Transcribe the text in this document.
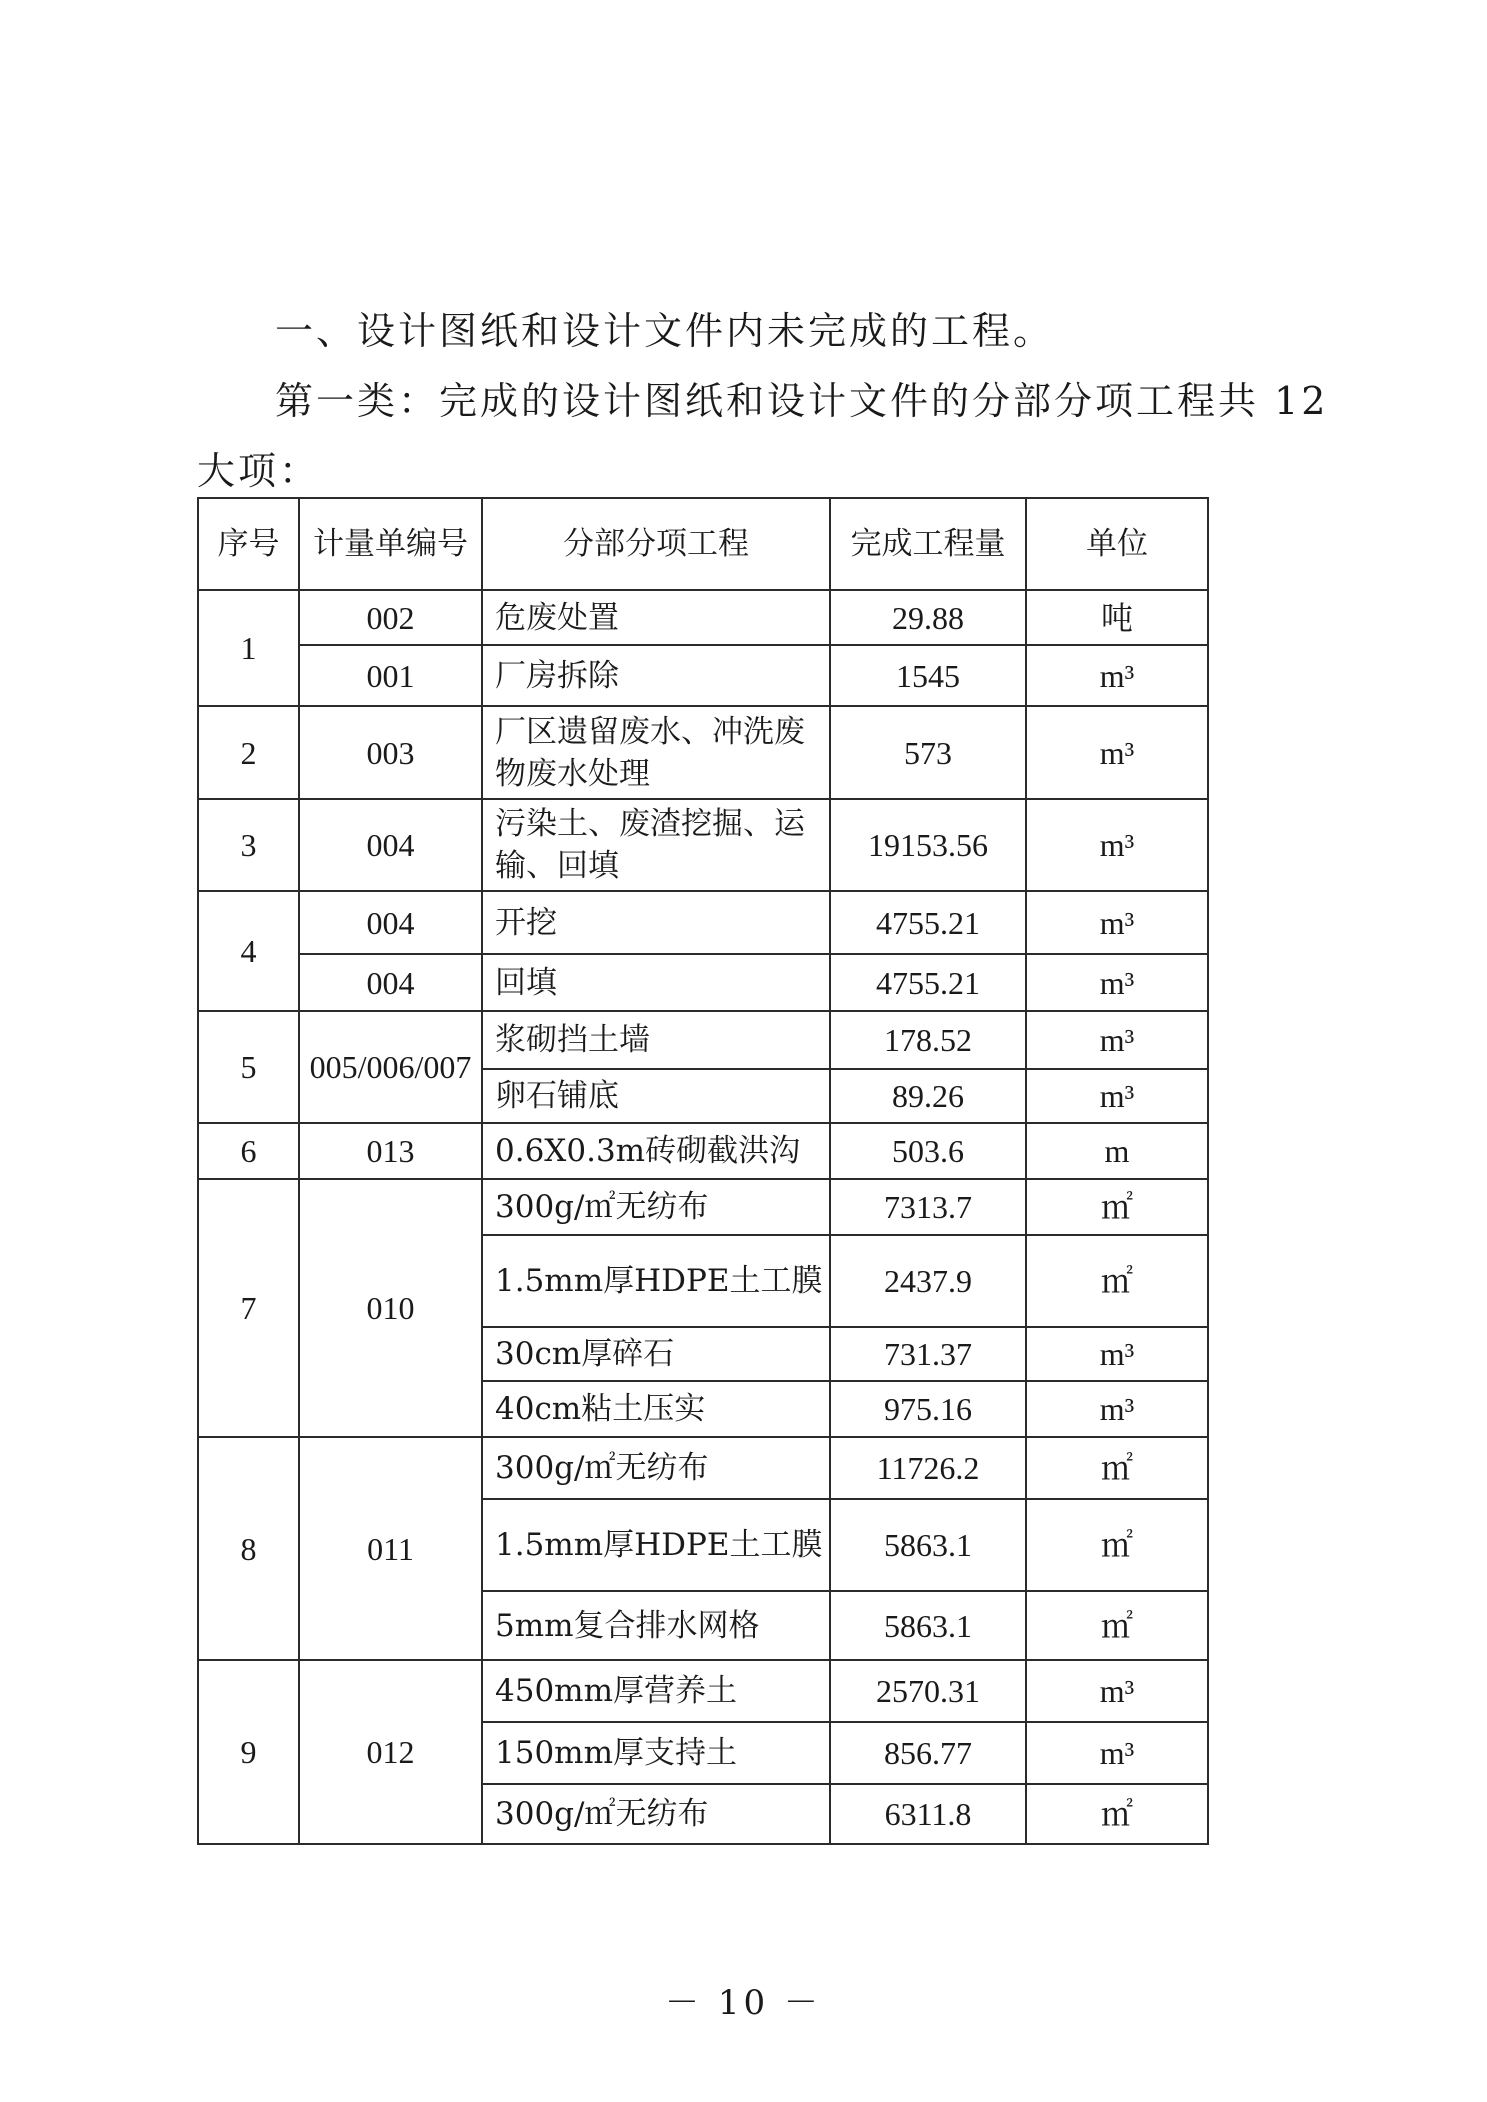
一、设计图纸和设计文件内未完成的工程。
第一类：完成的设计图纸和设计文件的分部分项工程共 12
大项：
序号	计量单编号	分部分项工程	完成工程量	单位
1	002	危废处置	29.88	吨
	001	厂房拆除	1545	m³
2	003	厂区遗留废水、冲洗废物废水处理	573	m³
3	004	污染土、废渣挖掘、运输、回填	19153.56	m³
4	004	开挖	4755.21	m³
	004	回填	4755.21	m³
5	005/006/007	浆砌挡土墙	178.52	m³
		卵石铺底	89.26	m³
6	013	0.6X0.3m砖砌截洪沟	503.6	m
7	010	300g/㎡无纺布	7313.7	㎡
		1.5mm厚HDPE土工膜	2437.9	㎡
		30cm厚碎石	731.37	m³
		40cm粘土压实	975.16	m³
8	011	300g/㎡无纺布	11726.2	㎡
		1.5mm厚HDPE土工膜	5863.1	㎡
		5mm复合排水网格	5863.1	㎡
9	012	450mm厚营养土	2570.31	m³
		150mm厚支持土	856.77	m³
		300g/㎡无纺布	6311.8	㎡
－ 10 －
